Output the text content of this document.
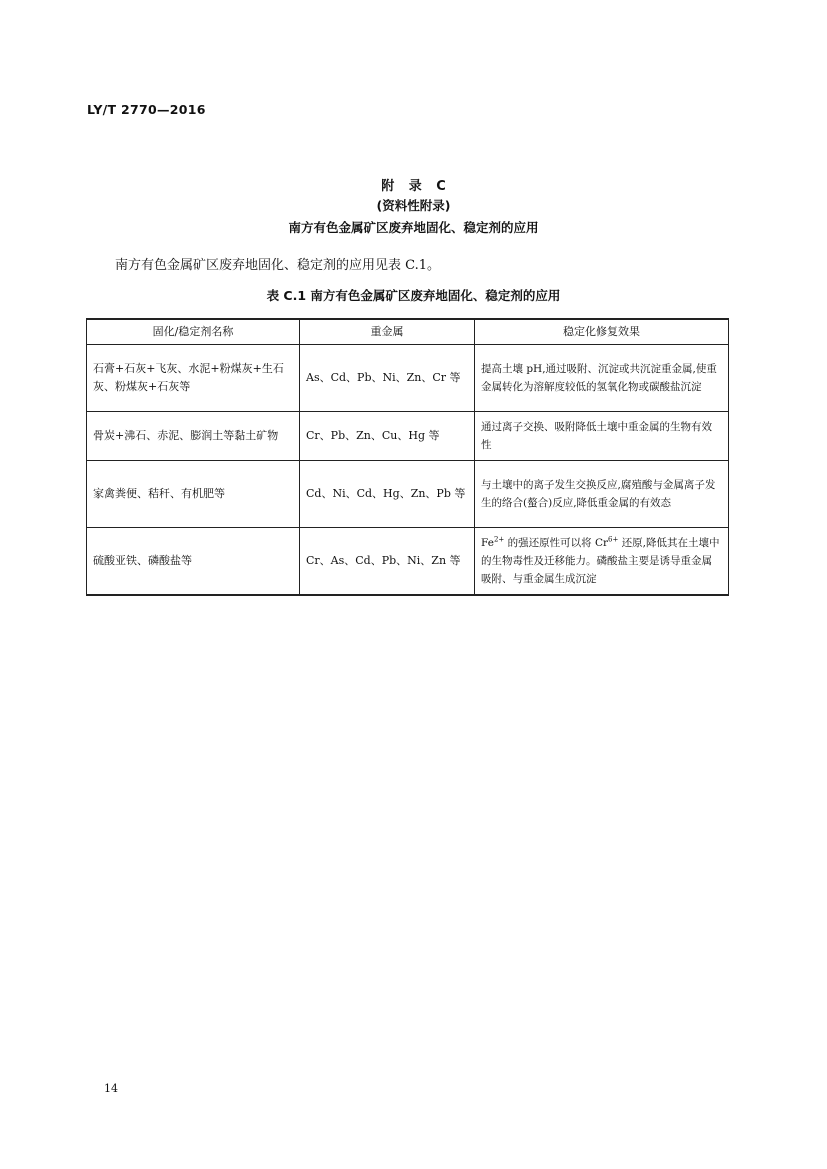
LY/T 2770—2016
附 录 C
(资料性附录)
南方有色金属矿区废弃地固化、稳定剂的应用
南方有色金属矿区废弃地固化、稳定剂的应用见表 C.1。
表 C.1 南方有色金属矿区废弃地固化、稳定剂的应用
固化/稳定剂名称	重金属	稳定化修复效果
石膏+石灰+飞灰、水泥+粉煤灰+生石灰、粉煤灰+石灰等	As、Cd、Pb、Ni、Zn、Cr 等	提高土壤 pH,通过吸附、沉淀或共沉淀重金属,使重金属转化为溶解度较低的氢氧化物或碳酸盐沉淀
骨炭+沸石、赤泥、膨润土等黏土矿物	Cr、Pb、Zn、Cu、Hg 等	通过离子交换、吸附降低土壤中重金属的生物有效性
家禽粪便、秸秆、有机肥等	Cd、Ni、Cd、Hg、Zn、Pb 等	与土壤中的离子发生交换反应,腐殖酸与金属离子发生的络合(螯合)反应,降低重金属的有效态
硫酸亚铁、磷酸盐等	Cr、As、Cd、Pb、Ni、Zn 等	$Fe^{2+}$ 的强还原性可以将 $Cr^{6+}$ 还原,降低其在土壤中的生物毒性及迁移能力。磷酸盐主要是诱导重金属吸附、与重金属生成沉淀
14
